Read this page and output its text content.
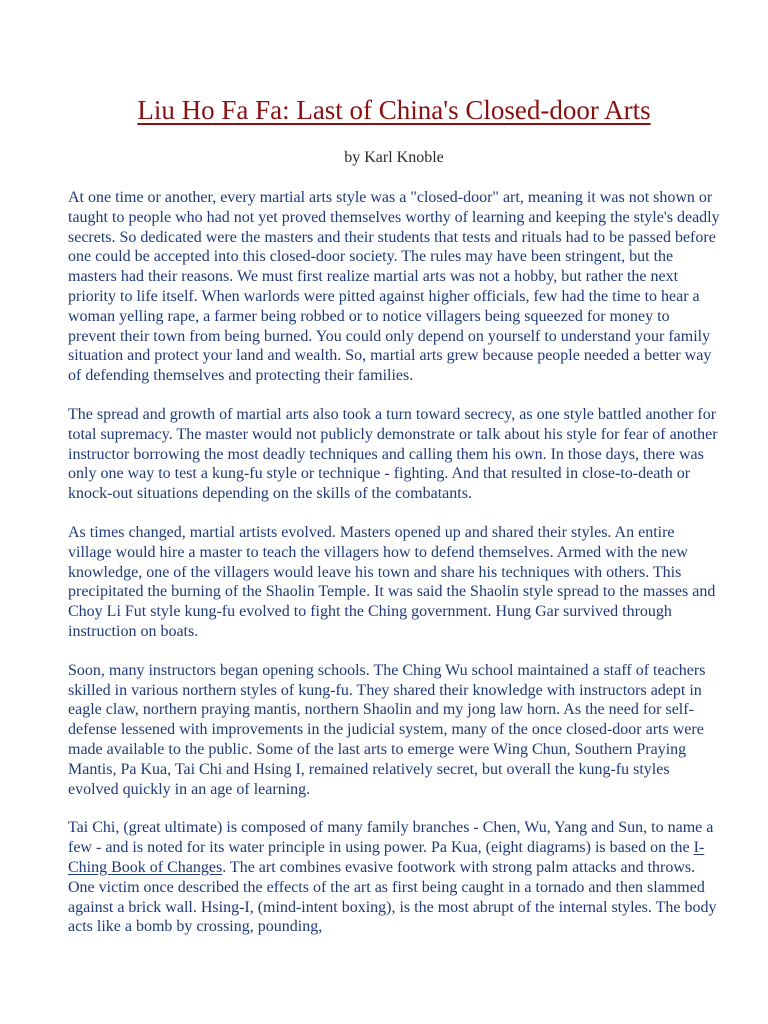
Liu Ho Fa Fa: Last of China's Closed-door Arts
by Karl Knoble

At one time or another, every martial arts style was a "closed-door" art, meaning it was not shown or taught to people who had not yet proved themselves worthy of learning and keeping the style's deadly secrets. So dedicated were the masters and their students that tests and rituals had to be passed before one could be accepted into this closed-door society. The rules may have been stringent, but the masters had their reasons. We must first realize martial arts was not a hobby, but rather the next priority to life itself. When warlords were pitted against higher officials, few had the time to hear a woman yelling rape, a farmer being robbed or to notice villagers being squeezed for money to prevent their town from being burned. You could only depend on yourself to understand your family situation and protect your land and wealth. So, martial arts grew because people needed a better way of defending themselves and protecting their families.

The spread and growth of martial arts also took a turn toward secrecy, as one style battled another for total supremacy. The master would not publicly demonstrate or talk about his style for fear of another instructor borrowing the most deadly techniques and calling them his own. In those days, there was only one way to test a kung-fu style or technique - fighting. And that resulted in close-to-death or knock-out situations depending on the skills of the combatants.

As times changed, martial artists evolved. Masters opened up and shared their styles. An entire village would hire a master to teach the villagers how to defend themselves. Armed with the new knowledge, one of the villagers would leave his town and share his techniques with others. This precipitated the burning of the Shaolin Temple. It was said the Shaolin style spread to the masses and Choy Li Fut style kung-fu evolved to fight the Ching government. Hung Gar survived through instruction on boats.

Soon, many instructors began opening schools. The Ching Wu school maintained a staff of teachers skilled in various northern styles of kung-fu. They shared their knowledge with instructors adept in eagle claw, northern praying mantis, northern Shaolin and my jong law horn. As the need for self-defense lessened with improvements in the judicial system, many of the once closed-door arts were made available to the public. Some of the last arts to emerge were Wing Chun, Southern Praying Mantis, Pa Kua, Tai Chi and Hsing I, remained relatively secret, but overall the kung-fu styles evolved quickly in an age of learning.

Tai Chi, (great ultimate) is composed of many family branches - Chen, Wu, Yang and Sun, to name a few - and is noted for its water principle in using power. Pa Kua, (eight diagrams) is based on the I-Ching Book of Changes. The art combines evasive footwork with strong palm attacks and throws. One victim once described the effects of the art as first being caught in a tornado and then slammed against a brick wall. Hsing-I, (mind-intent boxing), is the most abrupt of the internal styles. The body acts like a bomb by crossing, pounding,
